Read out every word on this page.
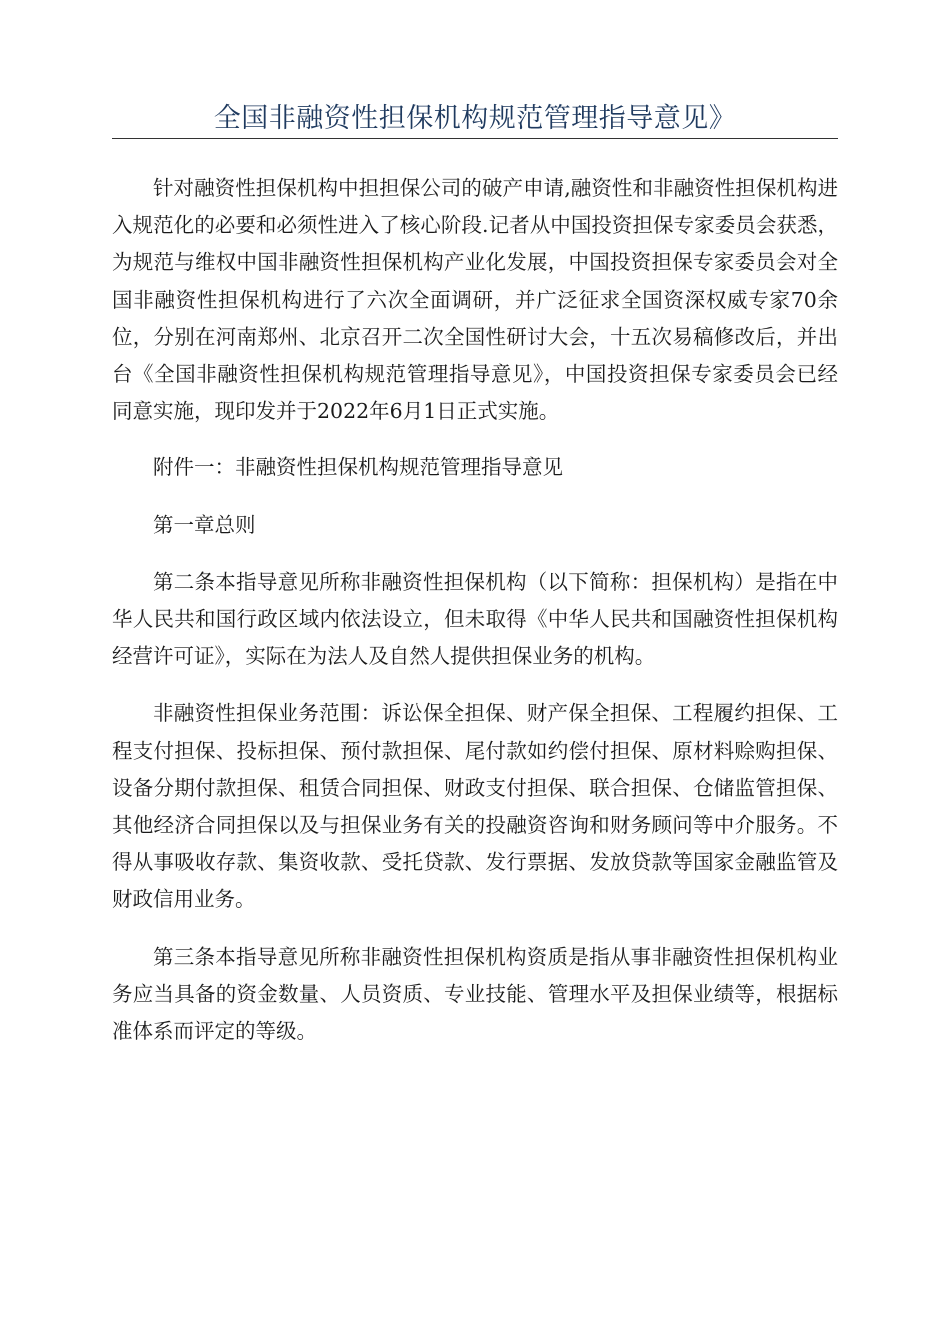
全国非融资性担保机构规范管理指导意见》

针对融资性担保机构中担担保公司的破产申请,融资性和非融资性担保机构进入规范化的必要和必须性进入了核心阶段.记者从中国投资担保专家委员会获悉，为规范与维权中国非融资性担保机构产业化发展，中国投资担保专家委员会对全国非融资性担保机构进行了六次全面调研，并广泛征求全国资深权威专家70余位，分别在河南郑州、北京召开二次全国性研讨大会，十五次易稿修改后，并出台《全国非融资性担保机构规范管理指导意见》，中国投资担保专家委员会已经同意实施，现印发并于2022年6月1日正式实施。

附件一：非融资性担保机构规范管理指导意见

第一章总则

第二条本指导意见所称非融资性担保机构（以下简称：担保机构）是指在中华人民共和国行政区域内依法设立，但未取得《中华人民共和国融资性担保机构经营许可证》，实际在为法人及自然人提供担保业务的机构。

非融资性担保业务范围：诉讼保全担保、财产保全担保、工程履约担保、工程支付担保、投标担保、预付款担保、尾付款如约偿付担保、原材料赊购担保、设备分期付款担保、租赁合同担保、财政支付担保、联合担保、仓储监管担保、其他经济合同担保以及与担保业务有关的投融资咨询和财务顾问等中介服务。不得从事吸收存款、集资收款、受托贷款、发行票据、发放贷款等国家金融监管及财政信用业务。

第三条本指导意见所称非融资性担保机构资质是指从事非融资性担保机构业务应当具备的资金数量、人员资质、专业技能、管理水平及担保业绩等，根据标准体系而评定的等级。
